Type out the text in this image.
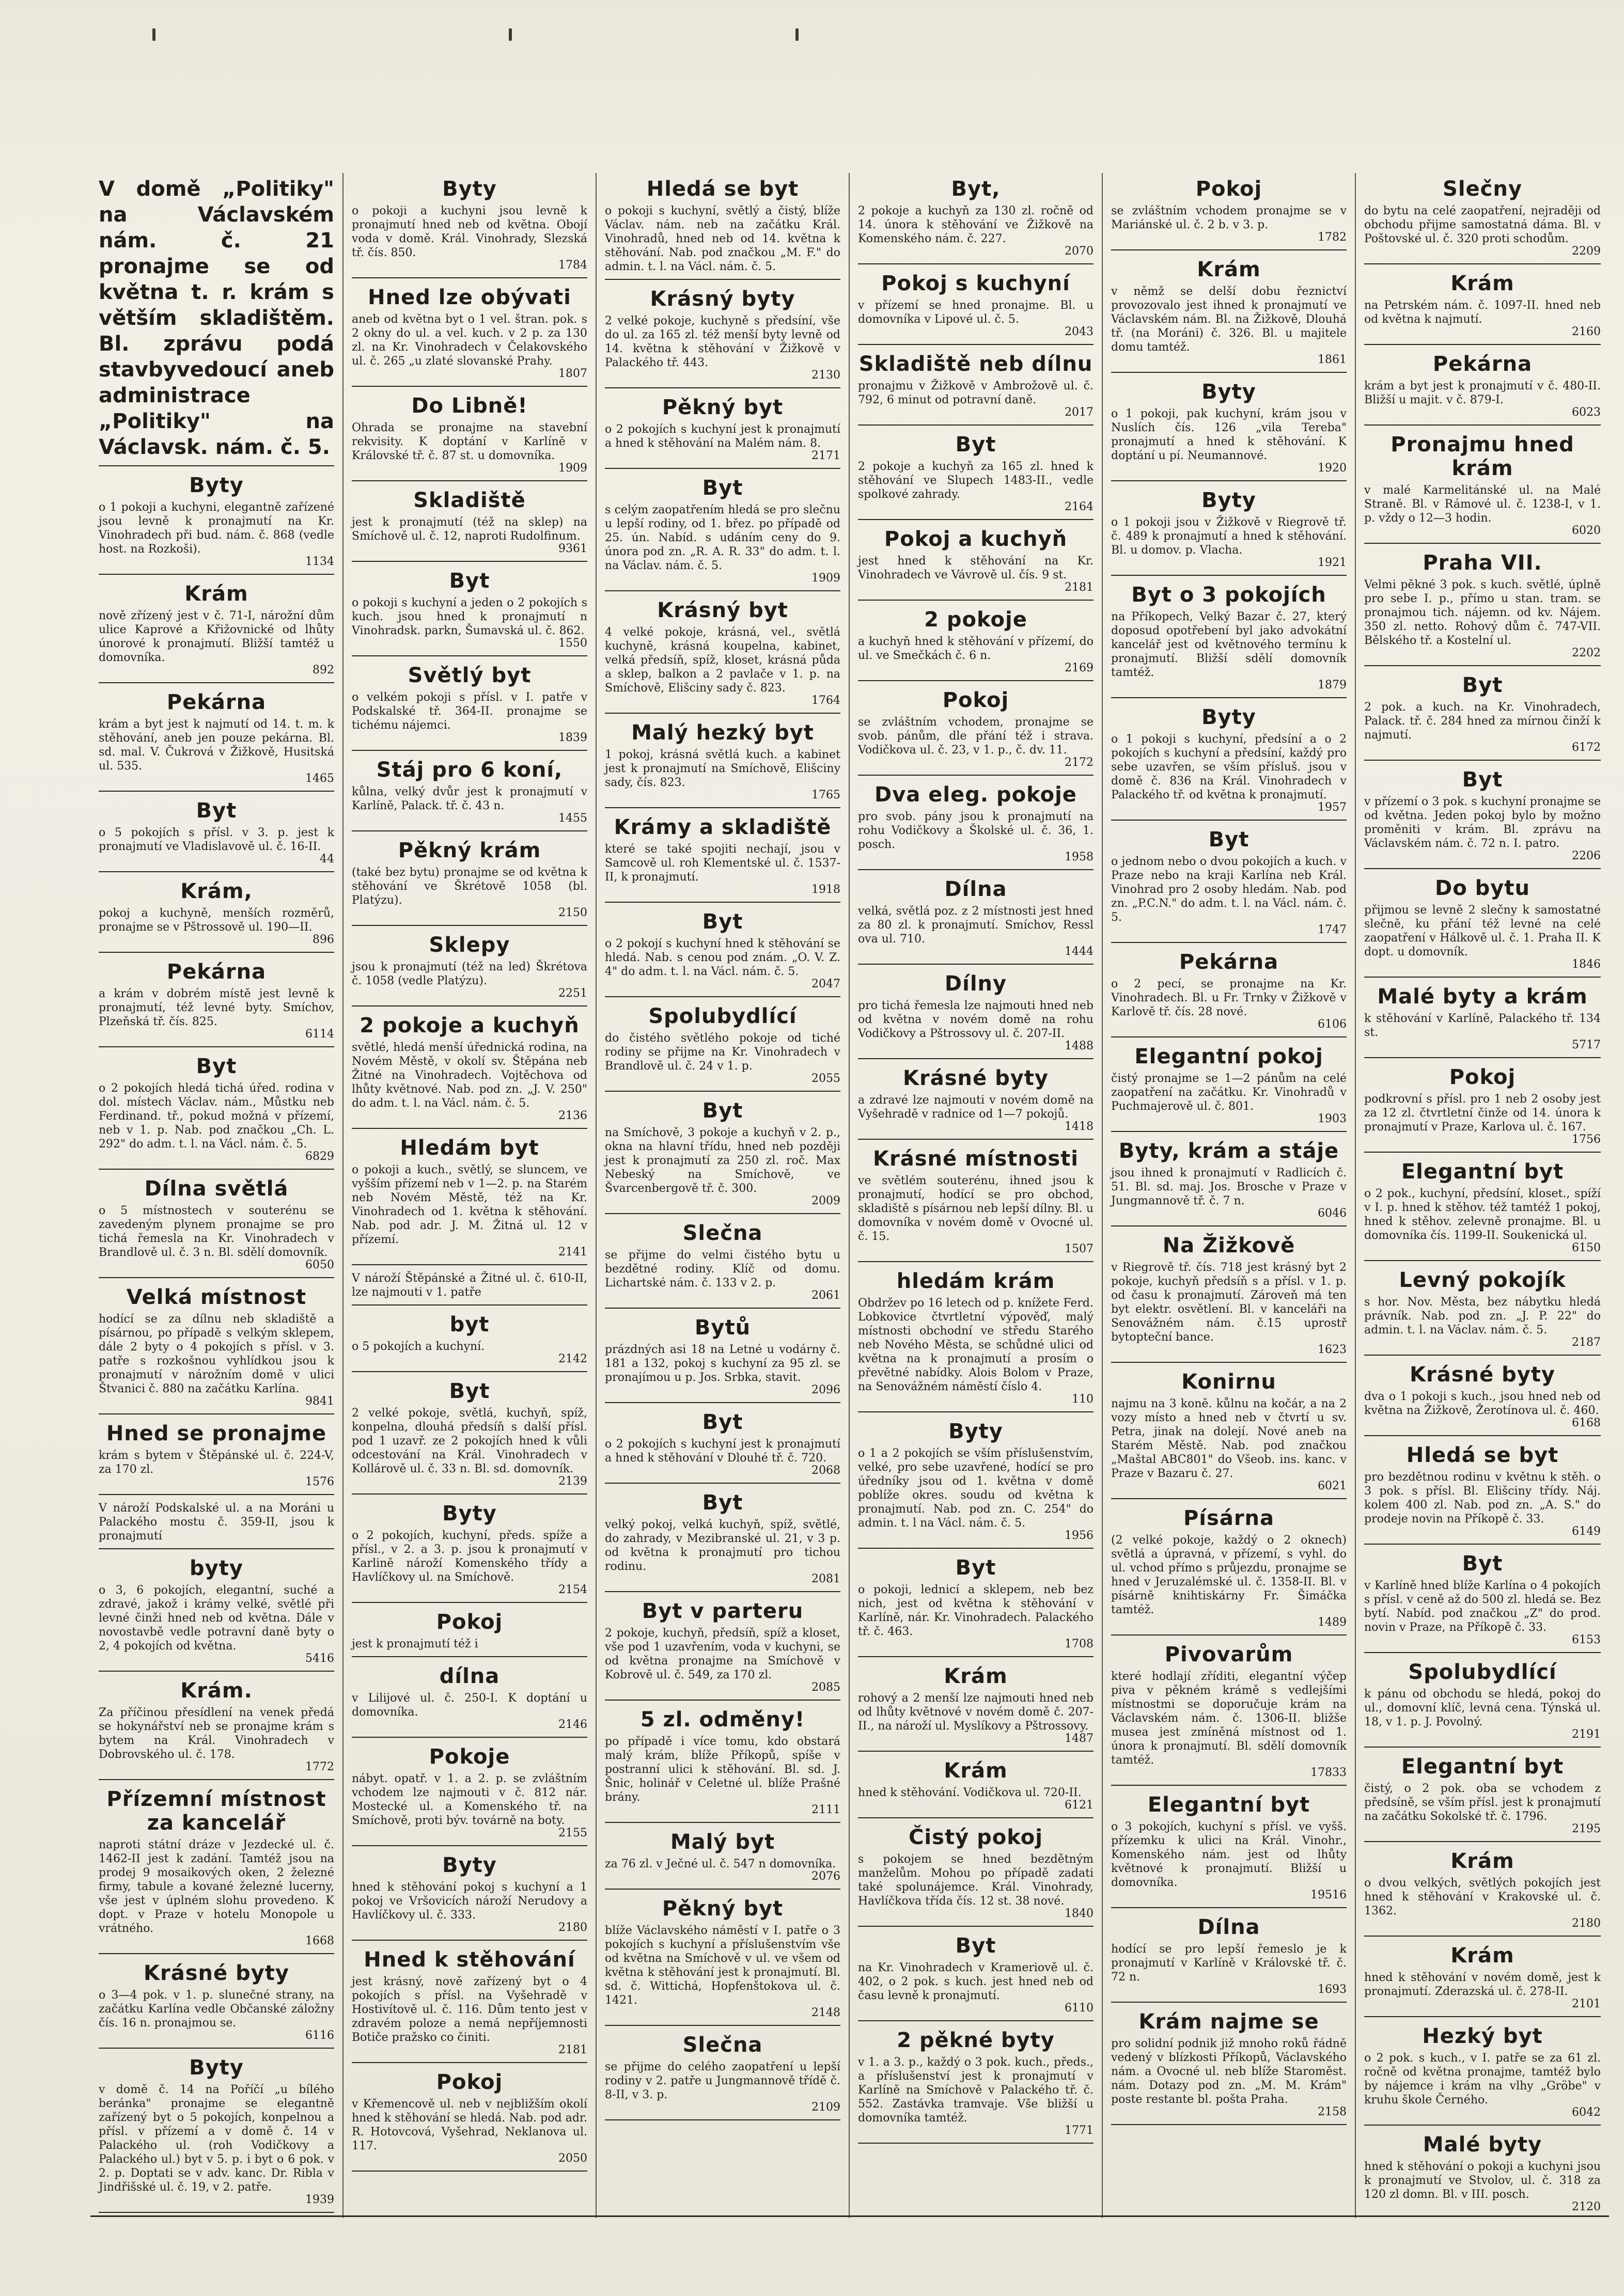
V domě „Politiky" na Václavském nám. č. 21 pronajme se od května t. r. krám s větším skladištěm. Bl. zprávu podá stavbyvedoucí aneb administrace „Politiky" na Václavsk. nám. č. 5.

Byty

o 1 pokoji a kuchyni, elegantně zařízené jsou levně k pronajmutí na Kr. Vinohradech při bud. nám. č. 868 (vedle host. na Rozkoši).

1134
Krám

nově zřízený jest v č. 71-I, nárožní dům ulice Kaprové a Křižovnické od lhůty únorové k pronajmutí. Bližší tamtéž u domovníka.

892
Pekárna

krám a byt jest k najmutí od 14. t. m. k stěhování, aneb jen pouze pekárna. Bl. sd. mal. V. Čukrová v Žižkově, Husitská ul. 535.

1465
Byt

o 5 pokojích s přísl. v 3. p. jest k pronajmutí ve Vladislavově ul. č. 16-II.

44
Krám,

pokoj a kuchyně, menších rozměrů, pronajme se v Pštrossově ul. 190—II.

896
Pekárna

a krám v dobrém místě jest levně k pronajmutí, též levné byty. Smíchov, Plzeňská tř. čís. 825.

6114
Byt

o 2 pokojích hledá tichá úřed. rodina v dol. místech Václav. nám., Můstku neb Ferdinand. tř., pokud možná v přízemí, neb v 1. p. Nab. pod značkou „Ch. L. 292" do adm. t. l. na Václ. nám. č. 5.

6829
Dílna světlá

o 5 místnostech v souterénu se zavedeným plynem pronajme se pro tichá řemesla na Kr. Vinohradech v Brandlově ul. č. 3 n. Bl. sdělí domovník.

6050
Velká místnost

hodící se za dílnu neb skladiště a písárnou, po případě s velkým sklepem, dále 2 byty o 4 pokojích s přísl. v 3. patře s rozkošnou vyhlídkou jsou k pronajmutí v nárožním domě v ulici Štvanici č. 880 na začátku Karlína.

9841
Hned se pronajme

krám s bytem v Štěpánské ul. č. 224-V, za 170 zl.

1576

V nároží Podskalské ul. a na Moráni u Palackého mostu č. 359-II, jsou k pronajmutí

byty

o 3, 6 pokojích, elegantní, suché a zdravé, jakož i krámy velké, světlé při levné činži hned neb od května. Dále v novostavbě vedle potravní daně byty o 2, 4 pokojích od května.

5416
Krám.

Za příčinou přesídlení na venek předá se hokynářství neb se pronajme krám s bytem na Král. Vinohradech v Dobrovského ul. č. 178.

1772
Přízemní místnost za kancelář

naproti státní dráze v Jezdecké ul. č. 1462-II jest k zadání. Tamtéž jsou na prodej 9 mosaikových oken, 2 železné firmy, tabule a kované železné lucerny, vše jest v úplném slohu provedeno. K dopt. v Praze v hotelu Monopole u vrátného.

1668
Krásné byty

o 3—4 pok. v 1. p. slunečné strany, na začátku Karlína vedle Občanské záložny čís. 16 n. pronajmou se.

6116
Byty

v domě č. 14 na Poříčí „u bílého beránka" pronajme se elegantně zařízený byt o 5 pokojích, konpelnou a přísl. v přízemí a v domě č. 14 v Palackého ul. (roh Vodičkovy a Palackého ul.) byt v 5. p. i byt o 6 pok. v 2. p. Doptati se v adv. kanc. Dr. Ribla v Jindřišské ul. č. 19, v 2. patře.

1939
Byty

o pokoji a kuchyni jsou levně k pronajmutí hned neb od května. Obojí voda v domě. Král. Vinohrady, Slezská tř. čís. 850.

1784
Hned lze obývati

aneb od května byt o 1 vel. štran. pok. s 2 okny do ul. a vel. kuch. v 2 p. za 130 zl. na Kr. Vinohradech v Čelakovského ul. č. 265 „u zlaté slovanské Prahy.

1807
Do Libně!

Ohrada se pronajme na stavební rekvisity. K doptání v Karlíně v Královské tř. č. 87 st. u domovníka.

1909
Skladiště

jest k pronajmutí (též na sklep) na Smíchově ul. č. 12, naproti Rudolfinum.

9361
Byt

o pokoji s kuchyní a jeden o 2 pokojích s kuch. jsou hned k pronajmutí n Vinohradsk. parkn, Šumavská ul. č. 862.

1550
Světlý byt

o velkém pokoji s přísl. v I. patře v Podskalské tř. 364-II. pronajme se tichému nájemci.

1839
Stáj pro 6 koní,

kůlna, velký dvůr jest k pronajmutí v Karlíně, Palack. tř. č. 43 n.

1455
Pěkný krám

(také bez bytu) pronajme se od května k stěhování ve Škrétově 1058 (bl. Platýzu).

2150
Sklepy

jsou k pronajmutí (též na led) Škrétova č. 1058 (vedle Platýzu).

2251
2 pokoje a kuchyň

světlé, hledá menší úřednická rodina, na Novém Městě, v okolí sv. Štěpána neb Žitné na Vinohradech. Vojtěchova od lhůty květnové. Nab. pod zn. „J. V. 250" do adm. t. l. na Václ. nám. č. 5.

2136
Hledám byt

o pokoji a kuch., světlý, se sluncem, ve vyšším přízemí neb v 1—2. p. na Starém neb Novém Městě, též na Kr. Vinohradech od 1. května k stěhování. Nab. pod adr. J. M. Žitná ul. 12 v přízemí.

2141

V nároží Štěpánské a Žitné ul. č. 610-II, lze najmouti v 1. patře

byt

o 5 pokojích a kuchyní.

2142
Byt

2 velké pokoje, světlá, kuchyň, spíž, konpelna, dlouhá předsíň s další přísl. pod 1 uzavř. ze 2 pokojích hned k vůli odcestování na Král. Vinohradech v Kollárově ul. č. 33 n. Bl. sd. domovník.

2139
Byty

o 2 pokojích, kuchyní, předs. spíže a přísl., v 2. a 3. p. jsou k pronajmutí v Karlině nároží Komenského třídy a Havlíčkovy ul. na Smíchově.

2154
Pokoj

jest k pronajmutí též i

dílna

v Lilijové ul. č. 250-I. K doptání u domovníka.

2146
Pokoje

nábyt. opatř. v 1. a 2. p. se zvláštním vchodem lze najmouti v č. 812 nár. Mostecké ul. a Komenského tř. na Smíchově, proti býv. továrně na boty.

2155
Byty

hned k stěhování pokoj s kuchyní a 1 pokoj ve Vršovicích nároží Nerudovy a Havlíčkovy ul. č. 333.

2180
Hned k stěhování

jest krásný, nově zařízený byt o 4 pokojích s přísl. na Vyšehradě v Hostivítově ul. č. 116. Dům tento jest v zdravém poloze a nemá nepříjemnosti Botiče pražsko co činiti.

2181
Pokoj

v Křemencově ul. neb v nejbližším okolí hned k stěhování se hledá. Nab. pod adr. R. Hotovcová, Vyšehrad, Neklanova ul. 117.

2050
Hledá se byt

o pokoji s kuchyní, světlý a čistý, blíže Václav. nám. neb na začátku Král. Vinohradů, hned neb od 14. května k stěhování. Nab. pod značkou „M. F." do admin. t. l. na Václ. nám. č. 5.

Krásný byty

2 velké pokoje, kuchyně s předsíní, vše do ul. za 165 zl. též menší byty levně od 14. května k stěhování v Žižkově v Palackého tř. 443.

2130
Pěkný byt

o 2 pokojích s kuchyní jest k pronajmutí a hned k stěhování na Malém nám. 8.

2171
Byt

s celým zaopatřením hledá se pro slečnu u lepší rodiny, od 1. břez. po případě od 25. ún. Nabíd. s udáním ceny do 9. února pod zn. „R. A. R. 33" do adm. t. l. na Václav. nám. č. 5.

1909
Krásný byt

4 velké pokoje, krásná, vel., světlá kuchyně, krásná koupelna, kabinet, velká předsíň, spíž, kloset, krásná půda a sklep, balkon a 2 pavlače v 1. p. na Smíchově, Elišciny sady č. 823.

1764
Malý hezký byt

1 pokoj, krásná světlá kuch. a kabinet jest k pronajmutí na Smíchově, Elišciny sady, čís. 823.

1765
Krámy a skladiště

které se také spojiti nechají, jsou v Samcově ul. roh Klementské ul. č. 1537-II, k pronajmutí.

1918
Byt

o 2 pokojí s kuchyní hned k stěhování se hledá. Nab. s cenou pod znám. „O. V. Z. 4" do adm. t. l. na Václ. nám. č. 5.

2047
Spolubydlící

do čistého světlého pokoje od tiché rodiny se přijme na Kr. Vinohradech v Brandlově ul. č. 24 v 1. p.

2055
Byt

na Smíchově, 3 pokoje a kuchyň v 2. p., okna na hlavní třídu, hned neb později jest k pronajmutí za 250 zl. roč. Max Nebeský na Smíchově, ve Švarcenbergově tř. č. 300.

2009
Slečna

se přijme do velmi čistého bytu u bezdětné rodiny. Klíč od domu. Lichartské nám. č. 133 v 2. p.

2061
Bytů

prázdných asi 18 na Letné u vodárny č. 181 a 132, pokoj s kuchyní za 95 zl. se pronajímou u p. Jos. Srbka, stavit.

2096
Byt

o 2 pokojích s kuchyní jest k pronajmutí a hned k stěhování v Dlouhé tř. č. 720.

2068
Byt

velký pokoj, velká kuchyň, spíž, světlé, do zahrady, v Mezibranské ul. 21, v 3 p. od května k pronajmutí pro tichou rodinu.

2081
Byt v parteru

2 pokoje, kuchyň, předsíň, spíž a kloset, vše pod 1 uzavřením, voda v kuchyni, se od května pronajme na Smíchově v Kobrově ul. č. 549, za 170 zl.

2085
5 zl. odměny!

po případě i více tomu, kdo obstará malý krám, blíže Příkopů, spíše v postranní ulici k stěhování. Bl. sd. J. Šnic, holinář v Celetné ul. blíže Prašné brány.

2111
Malý byt

za 76 zl. v Ječné ul. č. 547 n domovníka.

2076
Pěkný byt

blíže Václavského náměstí v I. patře o 3 pokojích s kuchyní a příslušenstvím vše od května na Smíchově v ul. ve všem od května k stěhování jest k pronajmutí. Bl. sd. č. Wittichá, Hopfenštokova ul. č. 1421.

2148
Slečna

se přijme do celého zaopatření u lepší rodiny v 2. patře u Jungmannově třídě č. 8-II, v 3. p.

2109
Byt,

2 pokoje a kuchyň za 130 zl. ročně od 14. února k stěhování ve Žižkově na Komenského nám. č. 227.

2070
Pokoj s kuchyní

v přízemí se hned pronajme. Bl. u domovníka v Lipové ul. č. 5.

2043
Skladiště neb dílnu

pronajmu v Žižkově v Ambrožově ul. č. 792, 6 minut od potravní daně.

2017
Byt

2 pokoje a kuchyň za 165 zl. hned k stěhování ve Slupech 1483-II., vedle spolkové zahrady.

2164
Pokoj a kuchyň

jest hned k stěhování na Kr. Vinohradech ve Vávrově ul. čís. 9 st.

2181
2 pokoje

a kuchyň hned k stěhování v přízemí, do ul. ve Smečkách č. 6 n.

2169
Pokoj

se zvláštním vchodem, pronajme se svob. pánům, dle přání též i strava. Vodičkova ul. č. 23, v 1. p., č. dv. 11.

2172
Dva eleg. pokoje

pro svob. pány jsou k pronajmutí na rohu Vodičkovy a Školské ul. č. 36, 1. posch.

1958
Dílna

velká, světlá poz. z 2 místnosti jest hned za 80 zl. k pronajmutí. Smíchov, Ressl ova ul. 710.

1444
Dílny

pro tichá řemesla lze najmouti hned neb od května v novém domě na rohu Vodičkovy a Pštrossovy ul. č. 207-II.

1488
Krásné byty

a zdravé lze najmouti v novém domě na Vyšehradě v radnice od 1—7 pokojů.

1418
Krásné místnosti

ve světlém souterénu, ihned jsou k pronajmutí, hodící se pro obchod, skladiště s písárnou neb lepší dílny. Bl. u domovníka v novém domě v Ovocné ul. č. 15.

1507
hledám krám

Obdržev po 16 letech od p. knížete Ferd. Lobkovice čtvrtletní výpověď, malý místnosti obchodní ve středu Starého neb Nového Města, se schůdné ulici od května na k pronajmutí a prosím o převětné nabídky. Alois Bolom v Praze, na Senovážném náměstí číslo 4.

110
Byty

o 1 a 2 pokojích se vším příslušenstvím, velké, pro sebe uzavřené, hodící se pro úředníky jsou od 1. května v domě poblíže okres. soudu od května k pronajmutí. Nab. pod zn. C. 254" do admin. t. l na Václ. nám. č. 5.

1956
Byt

o pokoji, lednicí a sklepem, neb bez nich, jest od května k stěhování v Karlíně, nár. Kr. Vinohradech. Palackého tř. č. 463.

1708
Krám

rohový a 2 menší lze najmouti hned neb od lhůty květnové v novém domě č. 207-II., na nároží ul. Myslíkovy a Pštrossovy.

1487
Krám

hned k stěhování. Vodičkova ul. 720-II.

6121
Čistý pokoj

s pokojem se hned bezdětným manželům. Mohou po případě zadati také spolunájemce. Král. Vinohrady, Havlíčkova třída čís. 12 st. 38 nové.

1840
Byt

na Kr. Vinohradech v Krameriově ul. č. 402, o 2 pok. s kuch. jest hned neb od času levně k pronajmutí.

6110
2 pěkné byty

v 1. a 3. p., každý o 3 pok. kuch., předs., a příslušenství jest k pronajmutí v Karlíně na Smíchově v Palackého tř. č. 552. Zastávka tramvaje. Vše bližší u domovníka tamtéž.

1771
Pokoj

se zvláštním vchodem pronajme se v Mariánské ul. č. 2 b. v 3. p.

1782
Krám

v němž se delší dobu řeznictví provozovalo jest ihned k pronajmutí ve Václavském nám. Bl. na Žižkově, Dlouhá tř. (na Moráni) č. 326. Bl. u majitele domu tamtéž.

1861
Byty

o 1 pokoji, pak kuchyní, krám jsou v Nuslích čís. 126 „vila Tereba" pronajmutí a hned k stěhování. K doptání u pí. Neumannové.

1920
Byty

o 1 pokoji jsou v Žižkově v Riegrově tř. č. 489 k pronajmutí a hned k stěhování. Bl. u domov. p. Vlacha.

1921
Byt o 3 pokojích

na Příkopech, Velký Bazar č. 27, který doposud opotřebení byl jako advokátní kancelář jest od květnového termínu k pronajmutí. Bližší sdělí domovník tamtéž.

1879
Byty

o 1 pokoji s kuchyní, předsíní a o 2 pokojích s kuchyní a předsíní, každý pro sebe uzavřen, se vším přísluš. jsou v domě č. 836 na Král. Vinohradech v Palackého tř. od května k pronajmutí.

1957
Byt

o jednom nebo o dvou pokojích a kuch. v Praze nebo na kraji Karlína neb Král. Vinohrad pro 2 osoby hledám. Nab. pod zn. „P.C.N." do adm. t. l. na Václ. nám. č. 5.

1747
Pekárna

o 2 pecí, se pronajme na Kr. Vinohradech. Bl. u Fr. Trnky v Žižkově v Karlově tř. čís. 28 nové.

6106
Elegantní pokoj

čistý pronajme se 1—2 pánům na celé zaopatření na začátku. Kr. Vinohradů v Puchmajerově ul. č. 801.

1903
Byty, krám a stáje

jsou ihned k pronajmutí v Radlicích č. 51. Bl. sd. maj. Jos. Brosche v Praze v Jungmannově tř. č. 7 n.

6046
Na Žižkově

v Riegrově tř. čís. 718 jest krásný byt 2 pokoje, kuchyň předsíň s a přísl. v 1. p. od času k pronajmutí. Zároveň má ten byt elektr. osvětlení. Bl. v kanceláři na Senovážném nám. č.15 uprostř bytopteční bance.

1623
Konirnu

najmu na 3 koně. kůlnu na kočár, a na 2 vozy místo a hned neb v čtvrtí u sv. Petra, jinak na dolejí. Nové aneb na Starém Městě. Nab. pod značkou „Maštal ABC801" do Všeob. ins. kanc. v Praze v Bazaru č. 27.

6021
Písárna

(2 velké pokoje, každý o 2 oknech) světlá a úpravná, v přízemí, s vyhl. do ul. vchod přímo s průjezdu, pronajme se hned v Jeruzalémské ul. č. 1358-II. Bl. v písárně knihtiskárny Fr. Šimáčka tamtéž.

1489
Pivovarům

které hodlají zříditi, elegantní výčep piva v pěkném krámě s vedlejšími místnostmi se doporučuje krám na Václavském nám. č. 1306-II. bližše musea jest zmíněná místnost od 1. února k pronajmutí. Bl. sdělí domovník tamtéž.

17833
Elegantní byt

o 3 pokojích, kuchyní s přísl. ve vyšš. přízemku k ulici na Král. Vinohr., Komenského nám. jest od lhůty květnové k pronajmutí. Bližší u domovníka.

19516
Dílna

hodící se pro lepší řemeslo je k pronajmutí v Karlíně v Královské tř. č. 72 n.

1693
Krám najme se

pro solidní podnik již mnoho roků řádně vedený v blízkosti Příkopů, Václavského nám. a Ovocné ul. neb blíže Staroměst. nám. Dotazy pod zn. „M. M. Krám" poste restante bl. pošta Praha.

2158
Slečny

do bytu na celé zaopatření, nejraději od obchodu přijme samostatná dáma. Bl. v Poštovské ul. č. 320 proti schodům.

2209
Krám

na Petrském nám. č. 1097-II. hned neb od května k najmutí.

2160
Pekárna

krám a byt jest k pronajmutí v č. 480-II. Bližší u majit. v č. 879-I.

6023
Pronajmu hned krám

v malé Karmelitánské ul. na Malé Straně. Bl. v Rámové ul. č. 1238-I, v 1. p. vždy o 12—3 hodin.

6020
Praha VII.

Velmi pěkné 3 pok. s kuch. světlé, úplně pro sebe I. p., přímo u stan. tram. se pronajmou tich. nájemn. od kv. Nájem. 350 zl. netto. Rohový dům č. 747-VII. Bělského tř. a Kostelní ul.

2202
Byt

2 pok. a kuch. na Kr. Vinohradech, Palack. tř. č. 284 hned za mírnou činží k najmutí.

6172
Byt

v přízemí o 3 pok. s kuchyní pronajme se od května. Jeden pokoj bylo by možno proměniti v krám. Bl. zprávu na Václavském nám. č. 72 n. I. patro.

2206
Do bytu

přijmou se levně 2 slečny k samostatné slečně, ku přání též levné na celé zaopatření v Hálkově ul. č. 1. Praha II. K dopt. u domovník.

1846
Malé byty a krám

k stěhování v Karlíně, Palackého tř. 134 st.

5717
Pokoj

podkrovní s přísl. pro 1 neb 2 osoby jest za 12 zl. čtvrtletní činže od 14. února k pronajmutí v Praze, Karlova ul. č. 167.

1756
Elegantní byt

o 2 pok., kuchyní, předsíní, kloset., spíží v I. p. hned k stěhov. též tamtéž 1 pokoj, hned k stěhov. zelevně pronajme. Bl. u domovníka čís. 1199-II. Soukenická ul.

6150
Levný pokojík

s hor. Nov. Města, bez nábytku hledá právník. Nab. pod zn. „J. P. 22" do admin. t. l. na Václav. nám. č. 5.

2187
Krásné byty

dva o 1 pokoji s kuch., jsou hned neb od května na Žižkově, Žerotínova ul. č. 460.

6168
Hledá se byt

pro bezdětnou rodinu v květnu k stěh. o 3 pok. s přísl. Bl. Elišciny třídy. Náj. kolem 400 zl. Nab. pod zn. „A. S." do prodeje novin na Příkopě č. 33.

6149
Byt

v Karlíně hned blíže Karlína o 4 pokojích s přísl. v ceně až do 500 zl. hledá se. Bez bytí. Nabíd. pod značkou „Z" do prod. novin v Praze, na Příkopě č. 33.

6153
Spolubydlící

k pánu od obchodu se hledá, pokoj do ul., domovní klíč, levná cena. Týnská ul. 18, v 1. p. J. Povolný.

2191
Elegantní byt

čistý, o 2 pok. oba se vchodem z předsíně, se vším přísl. jest k pronajmutí na začátku Sokolské tř. č. 1796.

2195
Krám

o dvou velkých, světlých pokojích jest hned k stěhování v Krakovské ul. č. 1362.

2180
Krám

hned k stěhování v novém domě, jest k pronajmutí. Zderazská ul. č. 278-II.

2101
Hezký byt

o 2 pok. s kuch., v I. patře se za 61 zl. ročně od května pronajme, tamtéž bylo by nájemce i krám na vlhy „Gröbe" v kruhu škole Černého.

6042
Malé byty

hned k stěhování o pokoji a kuchyni jsou k pronajmutí ve Stvolov, ul. č. 318 za 120 zl domn. Bl. v III. posch.

2120
